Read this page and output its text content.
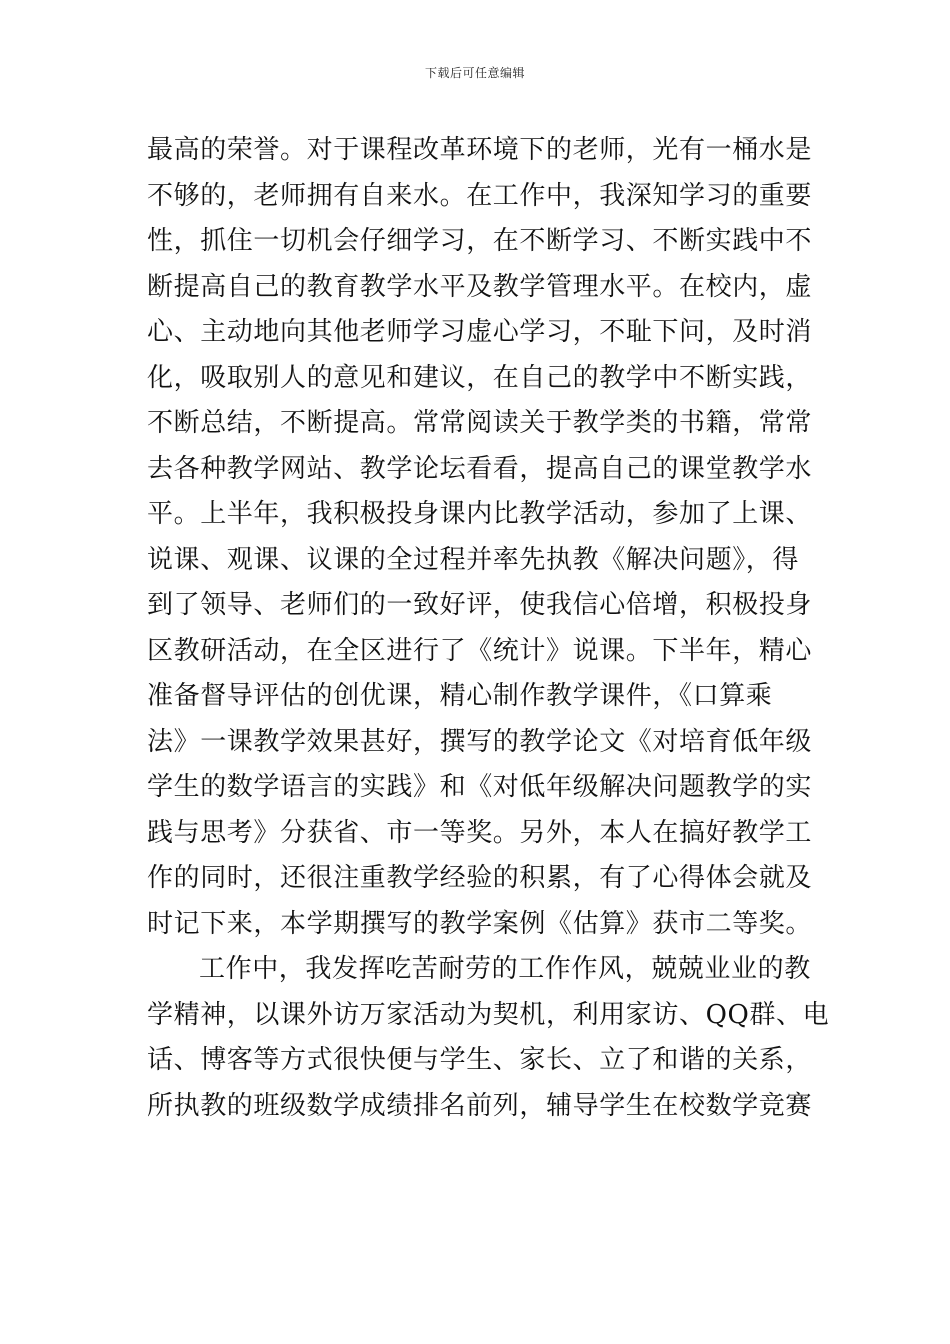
下载后可任意编辑
最高的荣誉。对于课程改革环境下的老师，光有一桶水是
不够的，老师拥有自来水。在工作中，我深知学习的重要
性，抓住一切机会仔细学习，在不断学习、不断实践中不
断提高自己的教育教学水平及教学管理水平。在校内，虚
心、主动地向其他老师学习虚心学习，不耻下问，及时消
化，吸取别人的意见和建议，在自己的教学中不断实践，
不断总结，不断提高。常常阅读关于教学类的书籍，常常
去各种教学网站、教学论坛看看，提高自己的课堂教学水
平。上半年，我积极投身课内比教学活动，参加了上课、
说课、观课、议课的全过程并率先执教《解决问题》，得
到了领导、老师们的一致好评，使我信心倍增，积极投身
区教研活动，在全区进行了《统计》说课。下半年，精心
准备督导评估的创优课，精心制作教学课件，《口算乘
法》一课教学效果甚好，撰写的教学论文《对培育低年级
学生的数学语言的实践》和《对低年级解决问题教学的实
践与思考》分获省、市一等奖。另外，本人在搞好教学工
作的同时，还很注重教学经验的积累，有了心得体会就及
时记下来，本学期撰写的教学案例《估算》获市二等奖。
工作中，我发挥吃苦耐劳的工作作风，兢兢业业的教
学精神，以课外访万家活动为契机，利用家访、QQ群、电
话、博客等方式很快便与学生、家长、立了和谐的关系，
所执教的班级数学成绩排名前列，辅导学生在校数学竞赛
